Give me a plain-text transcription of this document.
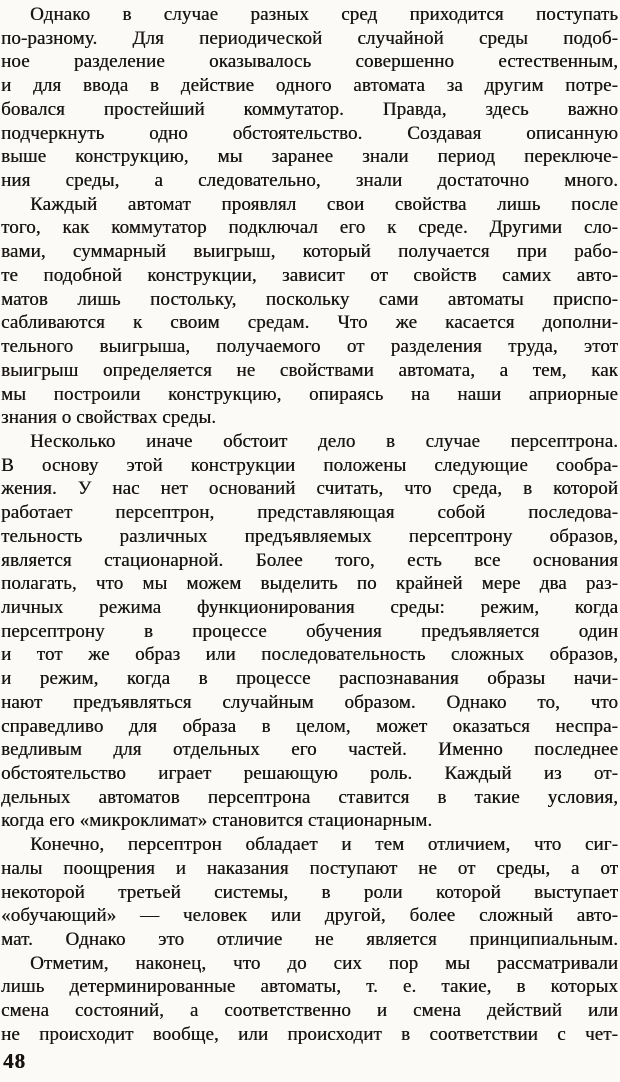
Однако в случае разных сред приходится поступать
по-разному. Для периодической случайной среды подоб-
ное разделение оказывалось совершенно естественным,
и для ввода в действие одного автомата за другим потре-
бовался простейший коммутатор. Правда, здесь важно
подчеркнуть одно обстоятельство. Создавая описанную
выше конструкцию, мы заранее знали период переключе-
ния среды, а следовательно, знали достаточно много.
Каждый автомат проявлял свои свойства лишь после
того, как коммутатор подключал его к среде. Другими сло-
вами, суммарный выигрыш, который получается при рабо-
те подобной конструкции, зависит от свойств самих авто-
матов лишь постольку, поскольку сами автоматы приспо-
сабливаются к своим средам. Что же касается дополни-
тельного выигрыша, получаемого от разделения труда, этот
выигрыш определяется не свойствами автомата, а тем, как
мы построили конструкцию, опираясь на наши априорные
знания о свойствах среды.
Несколько иначе обстоит дело в случае персептрона.
В основу этой конструкции положены следующие сообра-
жения. У нас нет оснований считать, что среда, в которой
работает персептрон, представляющая собой последова-
тельность различных предъявляемых персептрону образов,
является стационарной. Более того, есть все основания
полагать, что мы можем выделить по крайней мере два раз-
личных режима функционирования среды: режим, когда
персептрону в процессе обучения предъявляется один
и тот же образ или последовательность сложных образов,
и режим, когда в процессе распознавания образы начи-
нают предъявляться случайным образом. Однако то, что
справедливо для образа в целом, может оказаться неспра-
ведливым для отдельных его частей. Именно последнее
обстоятельство играет решающую роль. Каждый из от-
дельных автоматов персептрона ставится в такие условия,
когда его «микроклимат» становится стационарным.
Конечно, персептрон обладает и тем отличием, что сиг-
налы поощрения и наказания поступают не от среды, а от
некоторой третьей системы, в роли которой выступает
«обучающий» — человек или другой, более сложный авто-
мат. Однако это отличие не является принципиальным.
Отметим, наконец, что до сих пор мы рассматривали
лишь детерминированные автоматы, т. е. такие, в которых
смена состояний, а соответственно и смена действий или
не происходит вообще, или происходит в соответствии с чет-
48
